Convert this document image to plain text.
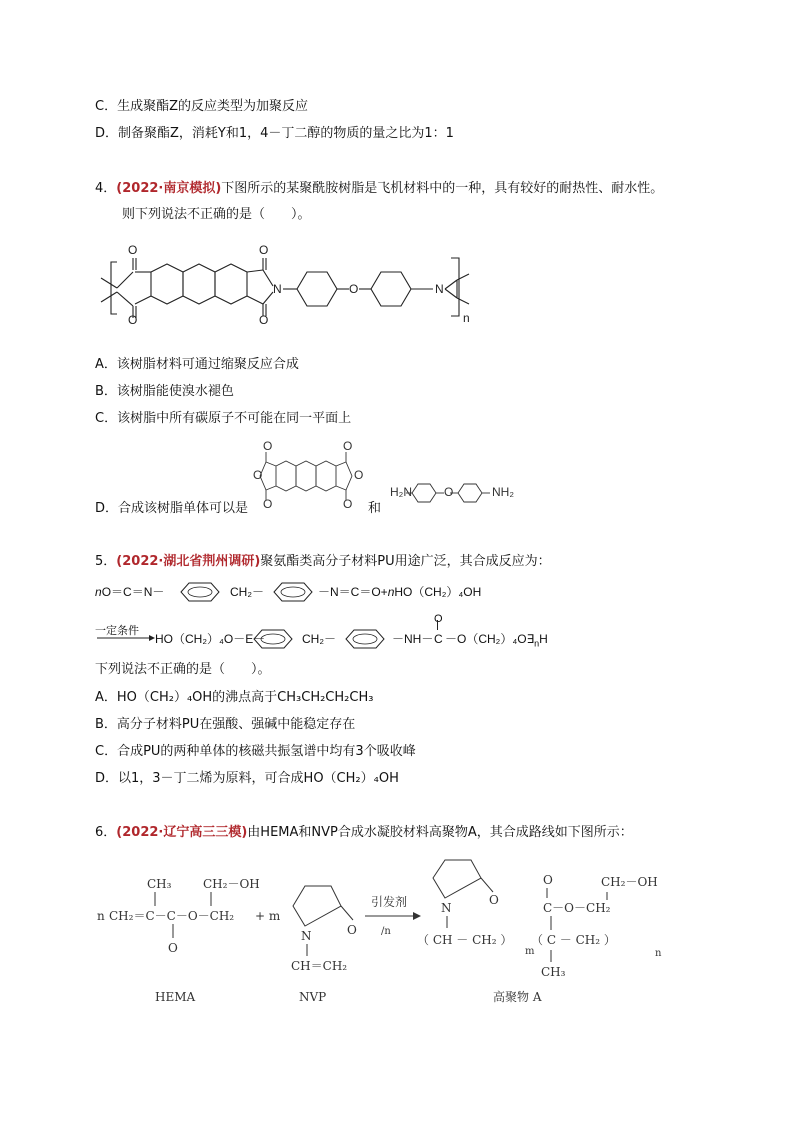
C．生成聚酯Z的反应类型为加聚反应
D．制备聚酯Z，消耗Y和1，4－丁二醇的物质的量之比为1：1
4．(2022·南京模拟)下图所示的某聚酰胺树脂是飞机材料中的一种，具有较好的耐热性、耐水性。
则下列说法不正确的是（　　）。
O
O
O
O
N	O	N
n
A．该树脂材料可通过缩聚反应合成
B．该树脂能使溴水褪色
C．该树脂中所有碳原子不可能在同一平面上
O
O
O
O
O
O
D．合成该树脂单体可以是	和
H₂N	O	NH₂
5．(2022·湖北省荆州调研)聚氨酯类高分子材料PU用途广泛，其合成反应为：
nO＝C＝N－	CH₂－	－N＝C＝O+nHO（CH₂）₄OH
一定条件
HO（CH₂）₄O－E－	CH₂－	－NH－
O
$C -O(CH_2)_4O\exists_nH$
下列说法不正确的是（　　）。
A．HO（CH₂）₄OH的沸点高于CH₃CH₂CH₂CH₃
B．高分子材料PU在强酸、强碱中能稳定存在
C．合成PU的两种单体的核磁共振氢谱中均有3个吸收峰
D．以1，3－丁二烯为原料，可合成HO（CH₂）₄OH
6．(2022·辽宁高三三模)由HEMA和NVP合成水凝胶材料高聚物A，其合成路线如下图所示：
CH₃	CH₂－OH
n CH₂＝C－C－O－CH₂
O
HEMA
+ m
O
N
CH＝CH₂
NVP
引发剂
/n
O
N
（ CH － CH₂ ）
m
（ C － CH₂ ）
n
O
C－O－CH₂
CH₂－OH
CH₃
高聚物 A
